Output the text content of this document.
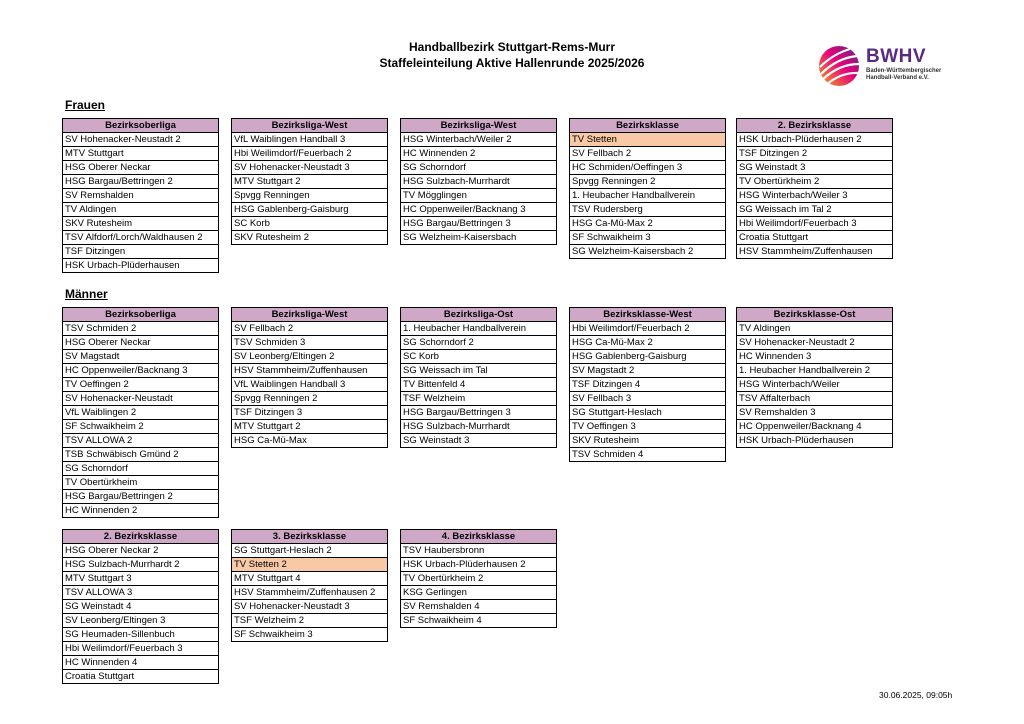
Handballbezirk Stuttgart-Rems-Murr
Staffeleinteilung Aktive Hallenrunde 2025/2026	BWHV
Baden-Württembergischer
Handball-Verband e.V.
Frauen
Männer
Bezirksoberliga
SV Hohenacker-Neustadt 2
MTV Stuttgart
HSG Oberer Neckar
HSG Bargau/Bettringen 2
SV Remshalden
TV Aldingen
SKV Rutesheim
TSV Alfdorf/Lorch/Waldhausen 2
TSF Ditzingen
HSK Urbach-Plüderhausen
Bezirksliga-West
VfL Waiblingen Handball 3
Hbi Weilimdorf/Feuerbach 2
SV Hohenacker-Neustadt 3
MTV Stuttgart 2
Spvgg Renningen
HSG Gablenberg-Gaisburg
SC Korb
SKV Rutesheim 2
Bezirksliga-West
HSG Winterbach/Weiler 2
HC Winnenden 2
SG Schorndorf
HSG Sulzbach-Murrhardt
TV Mögglingen
HC Oppenweiler/Backnang 3
HSG Bargau/Bettringen 3
SG Welzheim-Kaisersbach
Bezirksklasse
TV Stetten
SV Fellbach 2
HC Schmiden/Oeffingen 3
Spvgg Renningen 2
1. Heubacher Handballverein
TSV Rudersberg
HSG Ca-Mü-Max 2
SF Schwaikheim 3
SG Welzheim-Kaisersbach 2
2. Bezirksklasse
HSK Urbach-Plüderhausen 2
TSF Ditzingen 2
SG Weinstadt 3
TV Obertürkheim 2
HSG Winterbach/Weiler 3
SG Weissach im Tal 2
Hbi Weilimdorf/Feuerbach 3
Croatia Stuttgart
HSV Stammheim/Zuffenhausen
Bezirksoberliga
TSV Schmiden 2
HSG Oberer Neckar
SV Magstadt
HC Oppenweiler/Backnang 3
TV Oeffingen 2
SV Hohenacker-Neustadt
VfL Waiblingen 2
SF Schwaikheim 2
TSV ALLOWA 2
TSB Schwäbisch Gmünd 2
SG Schorndorf
TV Obertürkheim
HSG Bargau/Bettringen 2
HC Winnenden 2
Bezirksliga-West
SV Fellbach 2
TSV Schmiden 3
SV Leonberg/Eltingen 2
HSV Stammheim/Zuffenhausen
VfL Waiblingen Handball 3
Spvgg Renningen 2
TSF Ditzingen 3
MTV Stuttgart 2
HSG Ca-Mü-Max
Bezirksliga-Ost
1. Heubacher Handballverein
SG Schorndorf 2
SC Korb
SG Weissach im Tal
TV Bittenfeld 4
TSF Welzheim
HSG Bargau/Bettringen 3
HSG Sulzbach-Murrhardt
SG Weinstadt 3
Bezirksklasse-West
Hbi Weilimdorf/Feuerbach 2
HSG Ca-Mü-Max 2
HSG Gablenberg-Gaisburg
SV Magstadt 2
TSF Ditzingen 4
SV Fellbach 3
SG Stuttgart-Heslach
TV Oeffingen 3
SKV Rutesheim
TSV Schmiden 4
Bezirksklasse-Ost
TV Aldingen
SV Hohenacker-Neustadt 2
HC Winnenden 3
1. Heubacher Handballverein 2
HSG Winterbach/Weiler
TSV Affalterbach
SV Remshalden 3
HC Oppenweiler/Backnang 4
HSK Urbach-Plüderhausen
2. Bezirksklasse
HSG Oberer Neckar 2
HSG Sulzbach-Murrhardt 2
MTV Stuttgart 3
TSV ALLOWA 3
SG Weinstadt 4
SV Leonberg/Eltingen 3
SG Heumaden-Sillenbuch
Hbi Weilimdorf/Feuerbach 3
HC Winnenden 4
Croatia Stuttgart
3. Bezirksklasse
SG Stuttgart-Heslach 2
TV Stetten 2
MTV Stuttgart 4
HSV Stammheim/Zuffenhausen 2
SV Hohenacker-Neustadt 3
TSF Welzheim 2
SF Schwaikheim 3
4. Bezirksklasse
TSV Haubersbronn
HSK Urbach-Plüderhausen 2
TV Obertürkheim 2
KSG Gerlingen
SV Remshalden 4
SF Schwaikheim 4
30.06.2025, 09:05h
